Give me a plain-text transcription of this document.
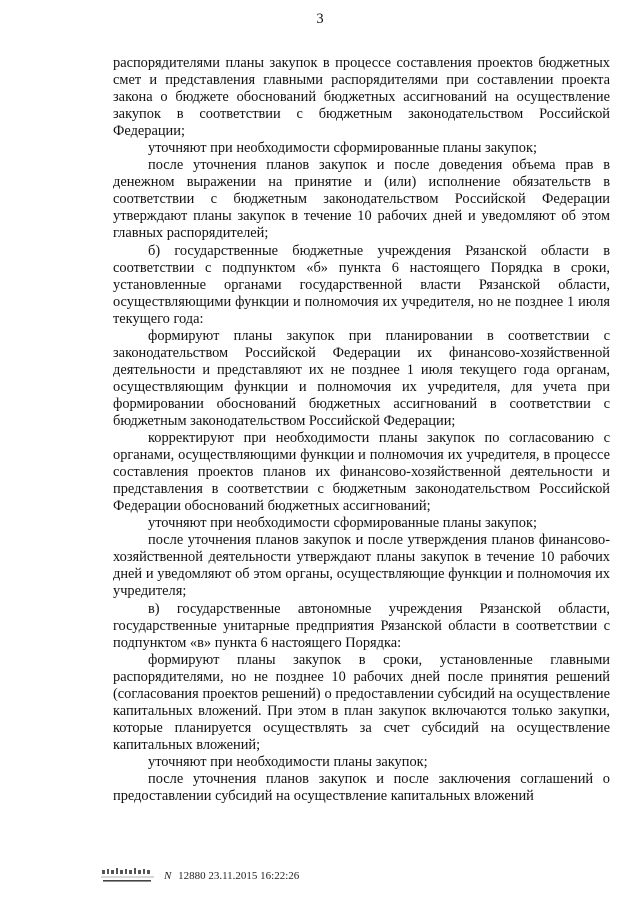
3

распорядителями планы закупок в процессе составления проектов бюджетных смет и представления главными распорядителями при составлении проекта закона о бюджете обоснований бюджетных ассигнований на осуществление закупок в соответствии с бюджетным законодательством Российской Федерации;

уточняют при необходимости сформированные планы закупок;

после уточнения планов закупок и после доведения объема прав в денежном выражении на принятие и (или) исполнение обязательств в соответствии с бюджетным законодательством Российской Федерации утверждают планы закупок в течение 10 рабочих дней и уведомляют об этом главных распорядителей;

б) государственные бюджетные учреждения Рязанской области в соответствии с подпунктом «б» пункта 6 настоящего Порядка в сроки, установленные органами государственной власти Рязанской области, осуществляющими функции и полномочия их учредителя, но не позднее 1 июля текущего года:

формируют планы закупок при планировании в соответствии с законодательством Российской Федерации их финансово-хозяйственной деятельности и представляют их не позднее 1 июля текущего года органам, осуществляющим функции и полномочия их учредителя, для учета при формировании обоснований бюджетных ассигнований в соответствии с бюджетным законодательством Российской Федерации;

корректируют при необходимости планы закупок по согласованию с органами, осуществляющими функции и полномочия их учредителя, в процессе составления проектов планов их финансово-хозяйственной деятельности и представления в соответствии с бюджетным законодательством Российской Федерации обоснований бюджетных ассигнований;

уточняют при необходимости сформированные планы закупок;

после уточнения планов закупок и после утверждения планов финансово-хозяйственной деятельности утверждают планы закупок в течение 10 рабочих дней и уведомляют об этом органы, осуществляющие функции и полномочия их учредителя;

в) государственные автономные учреждения Рязанской области, государственные унитарные предприятия Рязанской области в соответствии с подпунктом «в» пункта 6 настоящего Порядка:

формируют планы закупок в сроки, установленные главными распорядителями, но не позднее 10 рабочих дней после принятия решений (согласования проектов решений) о предоставлении субсидий на осуществление капитальных вложений. При этом в план закупок включаются только закупки, которые планируется осуществлять за счет субсидий на осуществление капитальных вложений;

уточняют при необходимости планы закупок;

после уточнения планов закупок и после заключения соглашений о предоставлении субсидий на осуществление капитальных вложений

N 12880 23.11.2015 16:22:26
